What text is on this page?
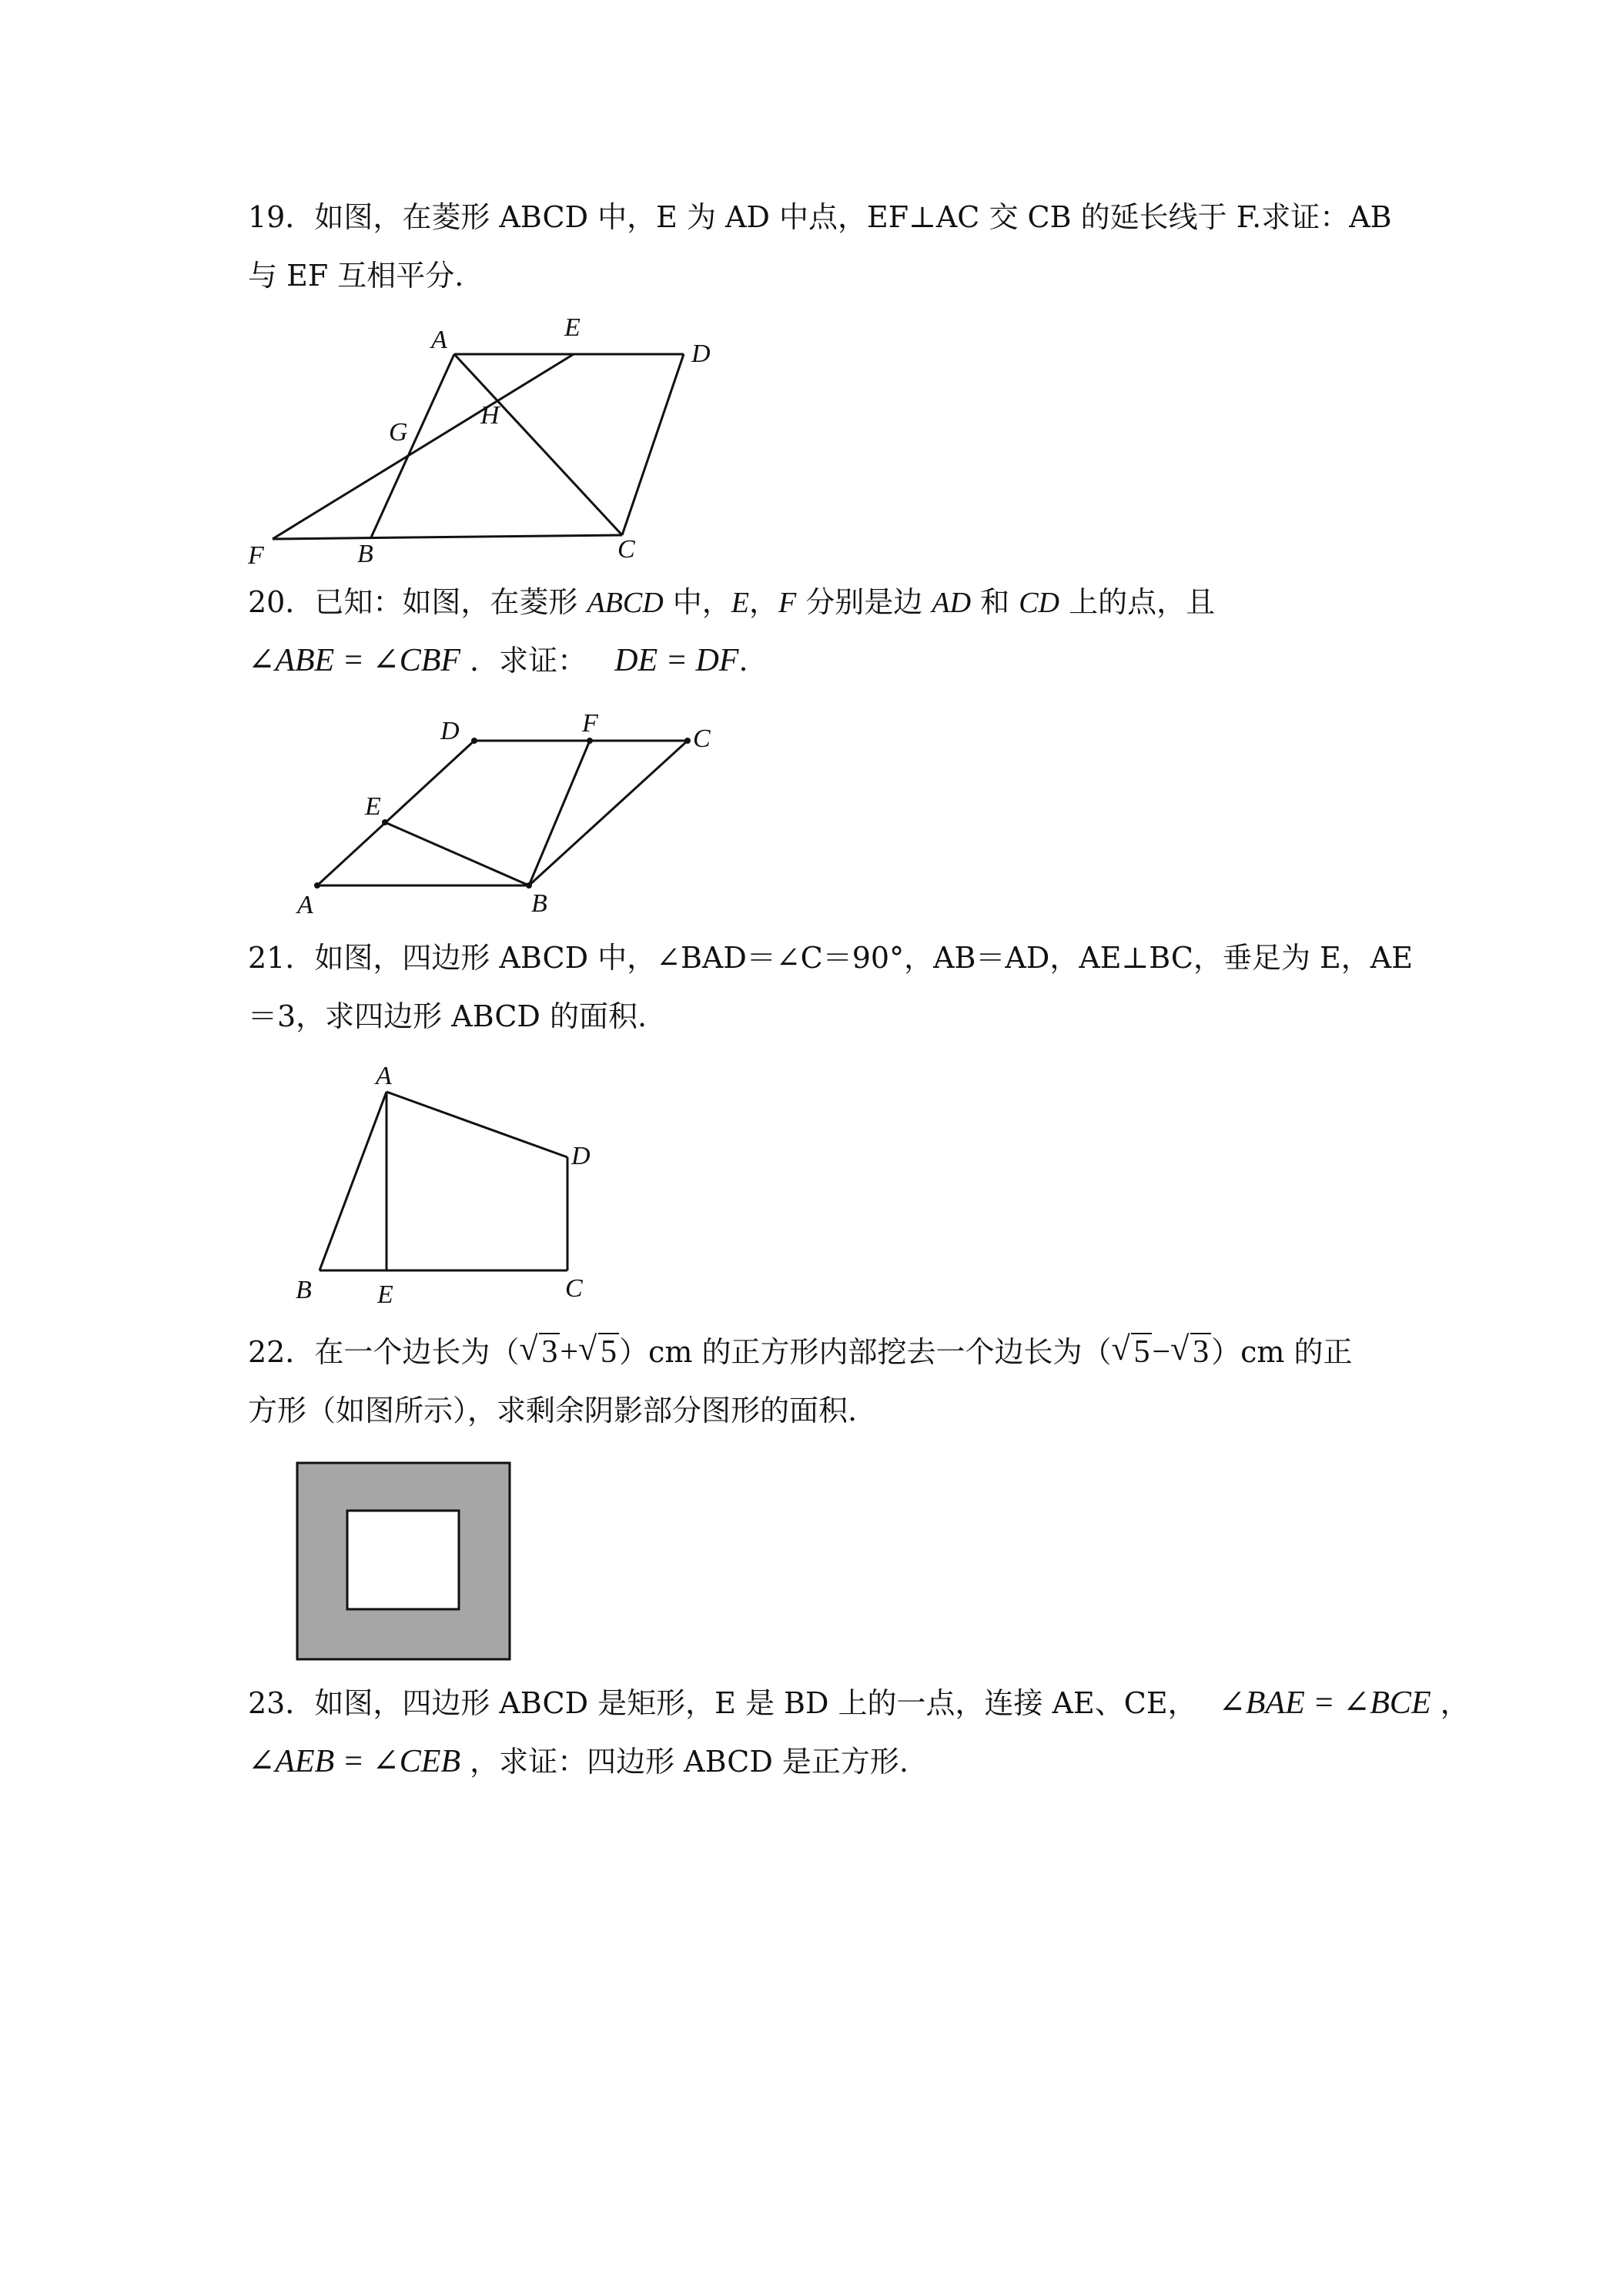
19．如图，在菱形 ABCD 中，E 为 AD 中点，EF⊥AC 交 CB 的延长线于 F.求证：AB
与 EF 互相平分.
A	E
D
G
H
F	B	C
20．已知：如图，在菱形 ABCD 中，E，F 分别是边 AD 和 CD 上的点，且
∠ABE = ∠CBF ．求证： DE = DF.
D	F
C
E
A	B
21．如图，四边形 ABCD 中，∠BAD＝∠C＝90°，AB＝AD，AE⊥BC，垂足为 E，AE
＝3，求四边形 ABCD 的面积.
A
D
B	E	C
22．在一个边长为（ √ 3+ √ 5）cm 的正方形内部挖去一个边长为（ √ 5− √ 3）cm 的正
方形（如图所示），求剩余阴影部分图形的面积.
23．如图，四边形 ABCD 是矩形，E 是 BD 上的一点，连接 AE、CE， ∠BAE = ∠BCE ，
∠AEB = ∠CEB ，求证：四边形 ABCD 是正方形.
